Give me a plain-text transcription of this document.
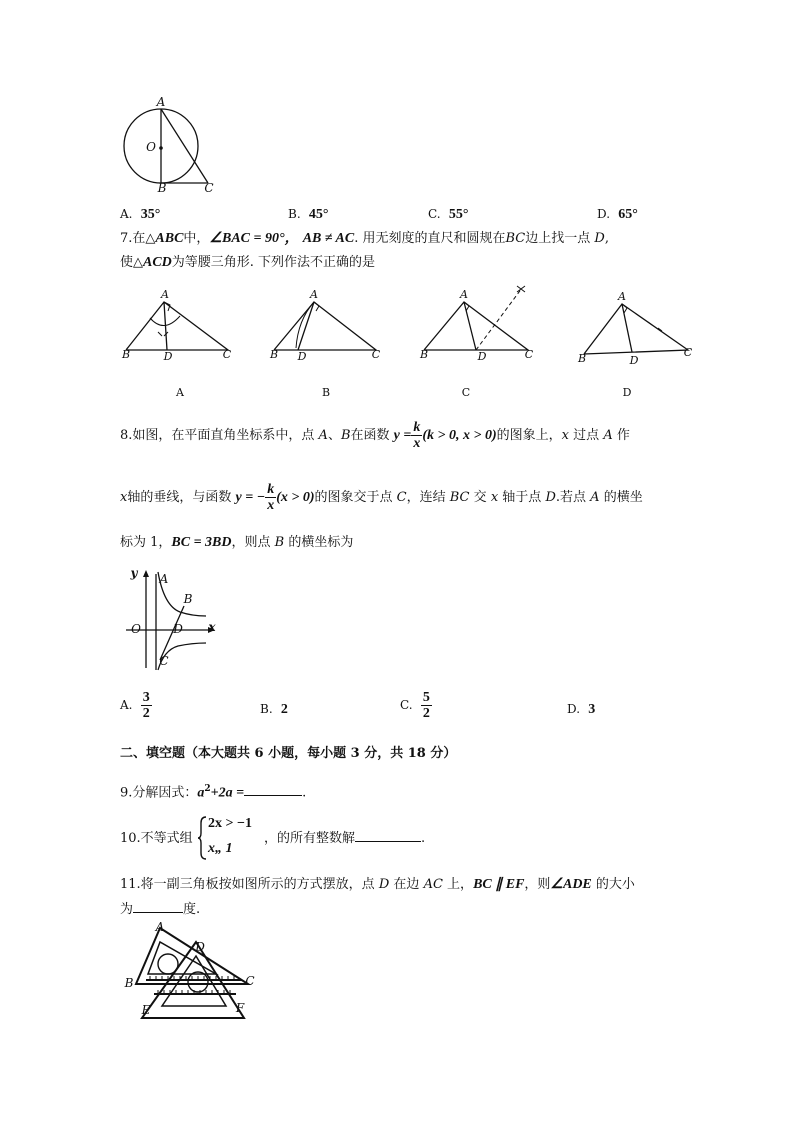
A
O
B	C
A. 35°	B. 45°	C. 55°	D. 65°
7.在△ABC中，∠BAC = 90°， AB ≠ AC. 用无刻度的直尺和圆规在BC边上找一点 D,
使△ACD为等腰三角形. 下列作法不正确的是
A
B	D	C
A
B	D	C
A
B	D	C
A
B	D
C
A	B	C	D
8.如图，在平面直角坐标系中，点 A、B在函数 $y = \frac{k}{x} (k > 0$, x > 0)的图象上，x 过点 A 作
x轴的垂线，与函数 y = − $\frac{k}{x} (x > 0)$的图象交于点 C，连结 BC 交 x 轴于点 D.若点 A 的横坐
标为 1，BC = 3BD，则点 B 的横坐标为
y	A
B
O	D	x
C
A. $\frac{3}{2}$	B. 2	C. $\frac{5}{2}$	D. 3
二、填空题（本大题共 6 小题，每小题 3 分，共 18 分）
9.分解因式：$a^2+2a$ =	.
10.不等式组
2x > −1
x„ 1
，的所有整数解	.
11.将一副三角板按如图所示的方式摆放，点 D 在边 AC 上，BC ∥ EF，则∠ADE 的大小
为	度.
A
D
B	C
E	F
